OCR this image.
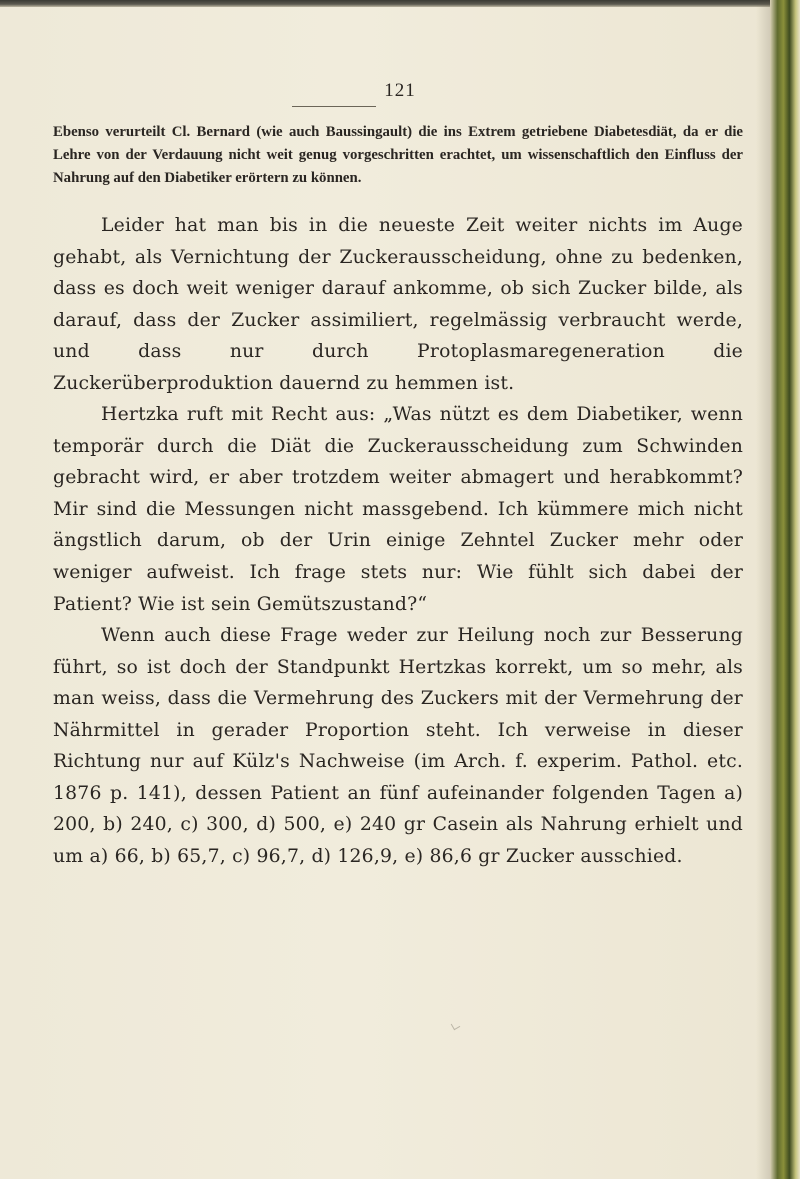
121

Ebenso verurteilt Cl. Bernard (wie auch Baussingault) die ins Extrem getriebene Diabetesdiät, da er die Lehre von der Verdauung nicht weit genug vorgeschritten erachtet, um wissenschaftlich den Einfluss der Nahrung auf den Diabetiker erörtern zu können.

Leider hat man bis in die neueste Zeit weiter nichts im Auge gehabt, als Vernichtung der Zuckerausscheidung, ohne zu bedenken, dass es doch weit weniger darauf ankomme, ob sich Zucker bilde, als darauf, dass der Zucker assimiliert, regelmässig verbraucht werde, und dass nur durch Protoplasmaregeneration die Zuckerüberproduktion dauernd zu hemmen ist.

Hertzka ruft mit Recht aus: „Was nützt es dem Diabetiker, wenn temporär durch die Diät die Zuckerausscheidung zum Schwinden gebracht wird, er aber trotzdem weiter abmagert und herabkommt? Mir sind die Messungen nicht massgebend. Ich kümmere mich nicht ängstlich darum, ob der Urin einige Zehntel Zucker mehr oder weniger aufweist. Ich frage stets nur: Wie fühlt sich dabei der Patient? Wie ist sein Gemütszustand?“

Wenn auch diese Frage weder zur Heilung noch zur Besserung führt, so ist doch der Standpunkt Hertzkas korrekt, um so mehr, als man weiss, dass die Vermehrung des Zuckers mit der Vermehrung der Nährmittel in gerader Proportion steht. Ich verweise in dieser Richtung nur auf Külz's Nachweise (im Arch. f. experim. Pathol. etc. 1876 p. 141), dessen Patient an fünf aufeinander folgenden Tagen a) 200, b) 240, c) 300, d) 500, e) 240 gr Casein als Nahrung erhielt und um a) 66, b) 65,7, c) 96,7, d) 126,9, e) 86,6 gr Zucker ausschied.
